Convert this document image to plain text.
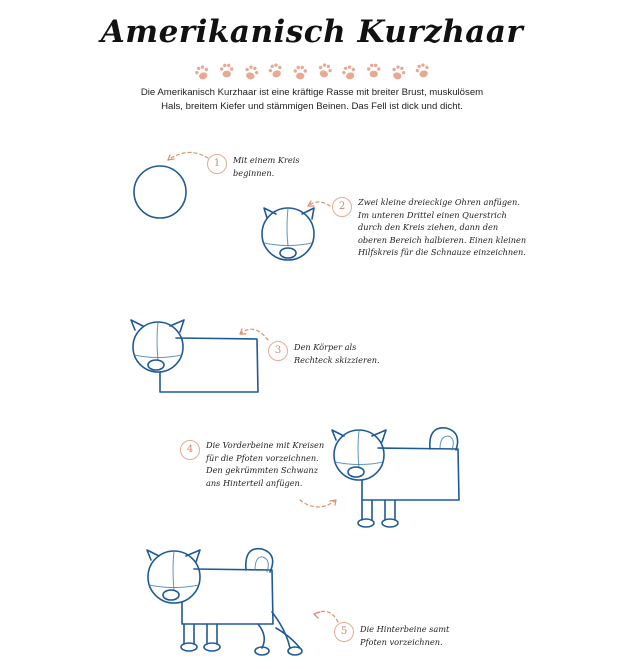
Amerikanisch Kurzhaar
Die Amerikanisch Kurzhaar ist eine kräftige Rasse mit breiter Brust, muskulösem
Hals, breitem Kiefer und stämmigen Beinen. Das Fell ist dick und dicht.
1	Mit einem Kreis
beginnen.
2	Zwei kleine dreieckige Ohren anfügen.
Im unteren Drittel einen Querstrich
durch den Kreis ziehen, dann den
oberen Bereich halbieren. Einen kleinen
Hilfskreis für die Schnauze einzeichnen.
3	Den Körper als
Rechteck skizzieren.
4	Die Vorderbeine mit Kreisen
für die Pfoten vorzeichnen.
Den gekrümmten Schwanz
ans Hinterteil anfügen.
5	Die Hinterbeine samt
Pfoten vorzeichnen.
